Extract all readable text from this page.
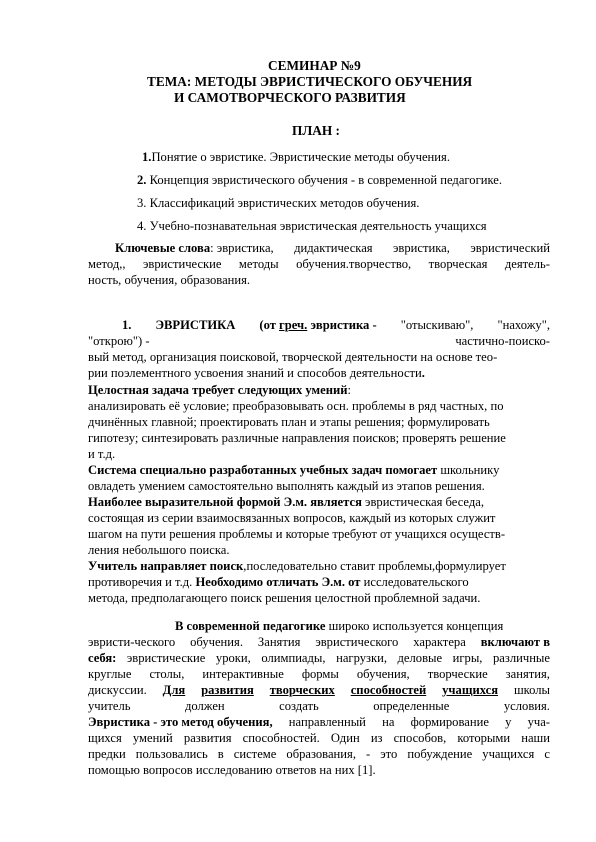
СЕМИНАР №9
ТЕМА: МЕТОДЫ ЭВРИСТИЧЕСКОГО ОБУЧЕНИЯ
И САМОТВОРЧЕСКОГО РАЗВИТИЯ
ПЛАН :
1.Понятие о эвристике. Эвристические методы обучения.
2. Концепция эвристического обучения - в современной педагогике.
3. Классификаций эвристических методов обучения.
4. Учебно-познавательная эвристическая деятельность учащихся
Ключевые слова: эвристика, дидактическая эвристика, эвристический
метод,, эвристические методы обучения.творчество, творческая деятель-
ность, обучения, образования.
1. ЭВРИСТИКА (от греч. эвристика - "отыскиваю", "нахожу",
"открою") -	частично-поиско-
вый метод, организация поисковой, творческой деятельности на основе тео-
рии поэлементного усвоения знаний и способов деятельности.
Целостная задача требует следующих умений:
анализировать её условие; преобразовывать осн. проблемы в ряд частных, по
дчинённых главной; проектировать план и этапы решения; формулировать
гипотезу; синтезировать различные направления поисков; проверять решение
и т.д.
Система специально разработанных учебных задач помогает школьнику
овладеть умением самостоятельно выполнять каждый из этапов решения.
Наиболее выразительной формой Э.м. является эвристическая беседа,
состоящая из серии взаимосвязанных вопросов, каждый из которых служит
шагом на пути решения проблемы и которые требуют от учащихся осуществ-
ления небольшого поиска.
Учитель направляет поиск,последовательно ставит проблемы,формулирует
противоречия и т.д. Необходимо отличать Э.м. от исследовательского
метода, предполагающего поиск решения целостной проблемной задачи.
В современной педагогике широко используется концепция
эвристи-ческого обучения. Занятия эвристического характера включают в
себя: эвристические уроки, олимпиады, нагрузки, деловые игры, различные
круглые столы, интерактивные формы обучения, творческие занятия,
дискуссии. Для развития творческих способностей учащихся школы
учитель	должен	создать	определенные	условия.
Эвристика - это метод обучения, направленный на формирование у уча-
щихся умений развития способностей. Один из способов, которыми наши
предки пользовались в системе образования, - это побуждение учащихся с
помощью вопросов исследованию ответов на них [1].
